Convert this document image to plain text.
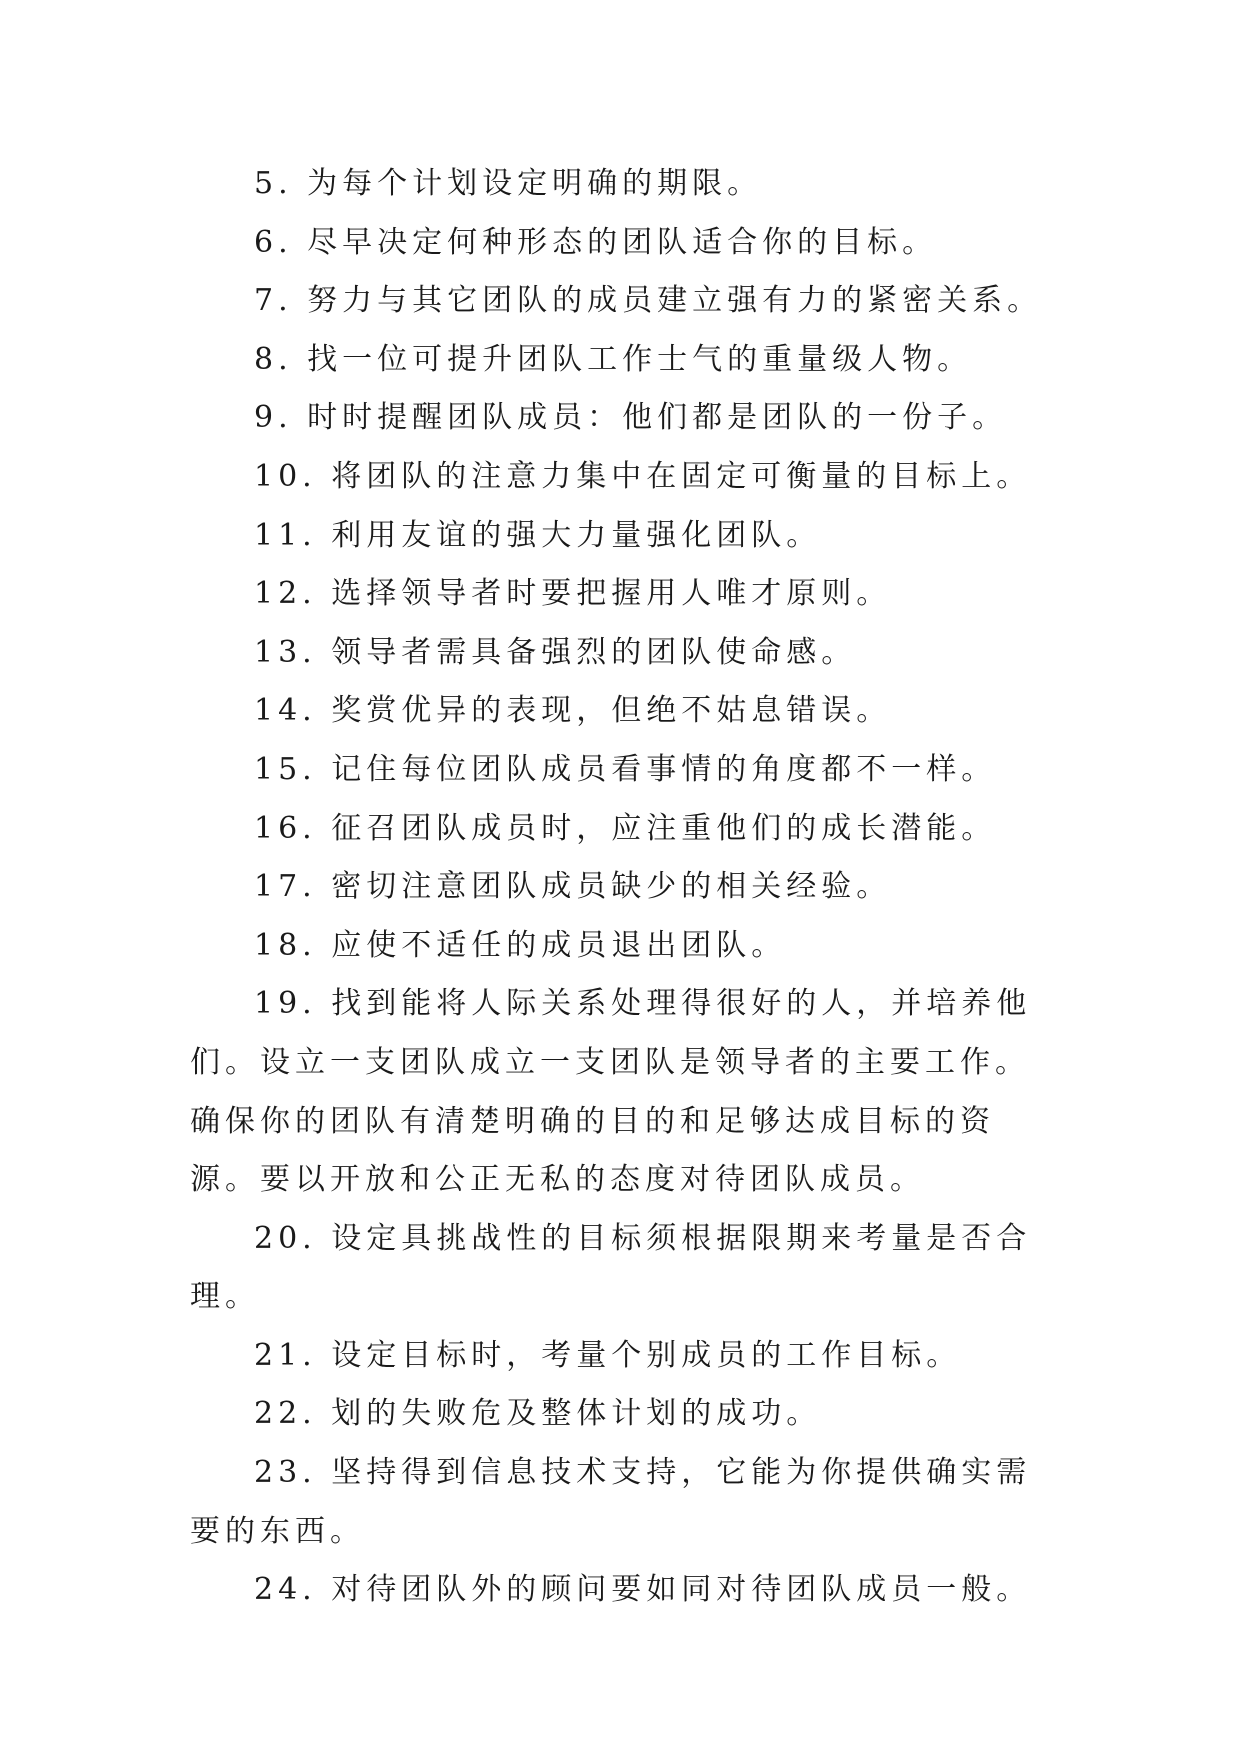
5. 为每个计划设定明确的期限。

6. 尽早决定何种形态的团队适合你的目标。

7. 努力与其它团队的成员建立强有力的紧密关系。

8. 找一位可提升团队工作士气的重量级人物。

9. 时时提醒团队成员：他们都是团队的一份子。

10. 将团队的注意力集中在固定可衡量的目标上。

11. 利用友谊的强大力量强化团队。

12. 选择领导者时要把握用人唯才原则。

13. 领导者需具备强烈的团队使命感。

14. 奖赏优异的表现，但绝不姑息错误。

15. 记住每位团队成员看事情的角度都不一样。

16. 征召团队成员时，应注重他们的成长潜能。

17. 密切注意团队成员缺少的相关经验。

18. 应使不适任的成员退出团队。

19. 找到能将人际关系处理得很好的人，并培养他们。设立一支团队成立一支团队是领导者的主要工作。确保你的团队有清楚明确的目的和足够达成目标的资源。要以开放和公正无私的态度对待团队成员。

20. 设定具挑战性的目标须根据限期来考量是否合理。

21. 设定目标时，考量个别成员的工作目标。

22. 划的失败危及整体计划的成功。

23. 坚持得到信息技术支持，它能为你提供确实需要的东西。

24. 对待团队外的顾问要如同对待团队成员一般。
